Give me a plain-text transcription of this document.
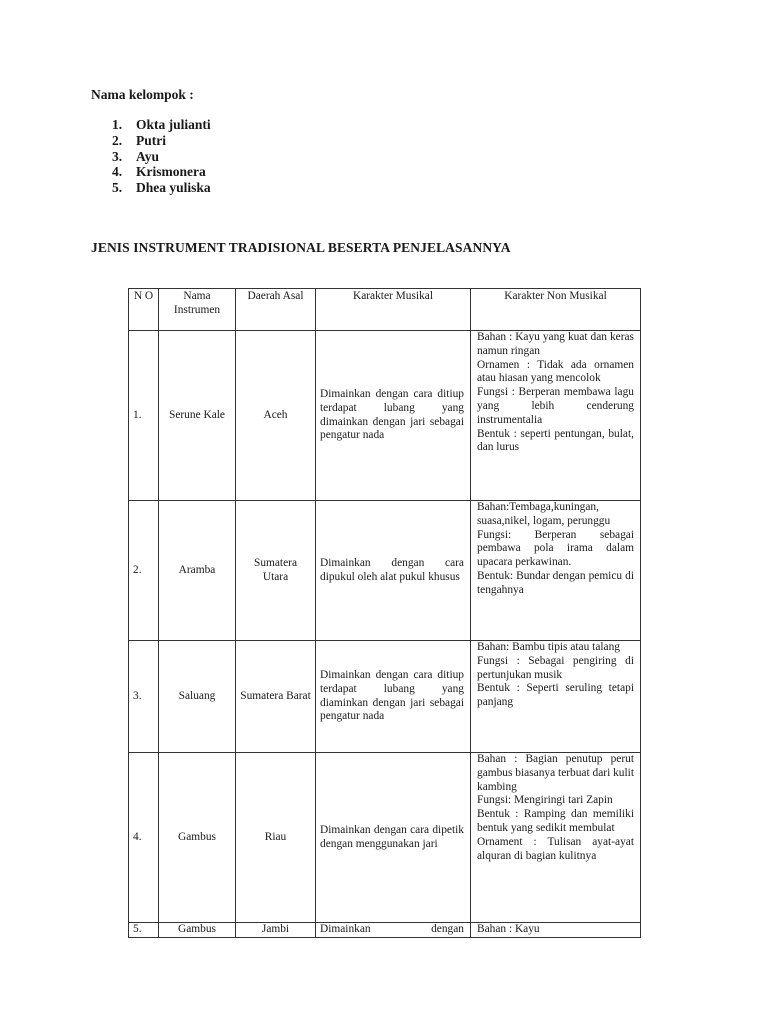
Nama kelompok :

1.	Okta julianti
2.	Putri
3.	Ayu
4.	Krismonera
5.	Dhea yuliska

JENIS INSTRUMENT TRADISIONAL BESERTA PENJELASANNYA

N O	Nama Instrumen	Daerah Asal	Karakter Musikal	Karakter Non Musikal
1.	Serune Kale	Aceh	Dimainkan dengan cara ditiup terdapat lubang yang dimainkan dengan jari sebagai pengatur nada	Bahan : Kayu yang kuat dan keras namun ringan

Ornamen : Tidak ada ornamen atau hiasan yang mencolok

Fungsi : Berperan membawa lagu yang lebih cenderung instrumentalia

Bentuk : seperti pentungan, bulat, dan lurus

2.	Aramba	Sumatera Utara	Dimainkan dengan cara dipukul oleh alat pukul khusus	Bahan:Tembaga,kuningan, suasa,nikel, logam, perunggu

Fungsi: Berperan sebagai pembawa pola irama dalam upacara perkawinan.

Bentuk: Bundar dengan pemicu di tengahnya

3.	Saluang	Sumatera Barat	Dimainkan dengan cara ditiup terdapat lubang yang diaminkan dengan jari sebagai pengatur nada	Bahan: Bambu tipis atau talang

Fungsi : Sebagai pengiring di pertunjukan musik

Bentuk : Seperti seruling tetapi panjang

4.	Gambus	Riau	Dimainkan dengan cara dipetik dengan menggunakan jari	Bahan : Bagian penutup perut gambus biasanya terbuat dari kulit kambing

Fungsi: Mengiringi tari Zapin

Bentuk : Ramping dan memiliki bentuk yang sedikit membulat

Ornament : Tulisan ayat-ayat alquran di bagian kulitnya

5.	Gambus	Jambi	Dimainkan dengan	Bahan : Kayu
